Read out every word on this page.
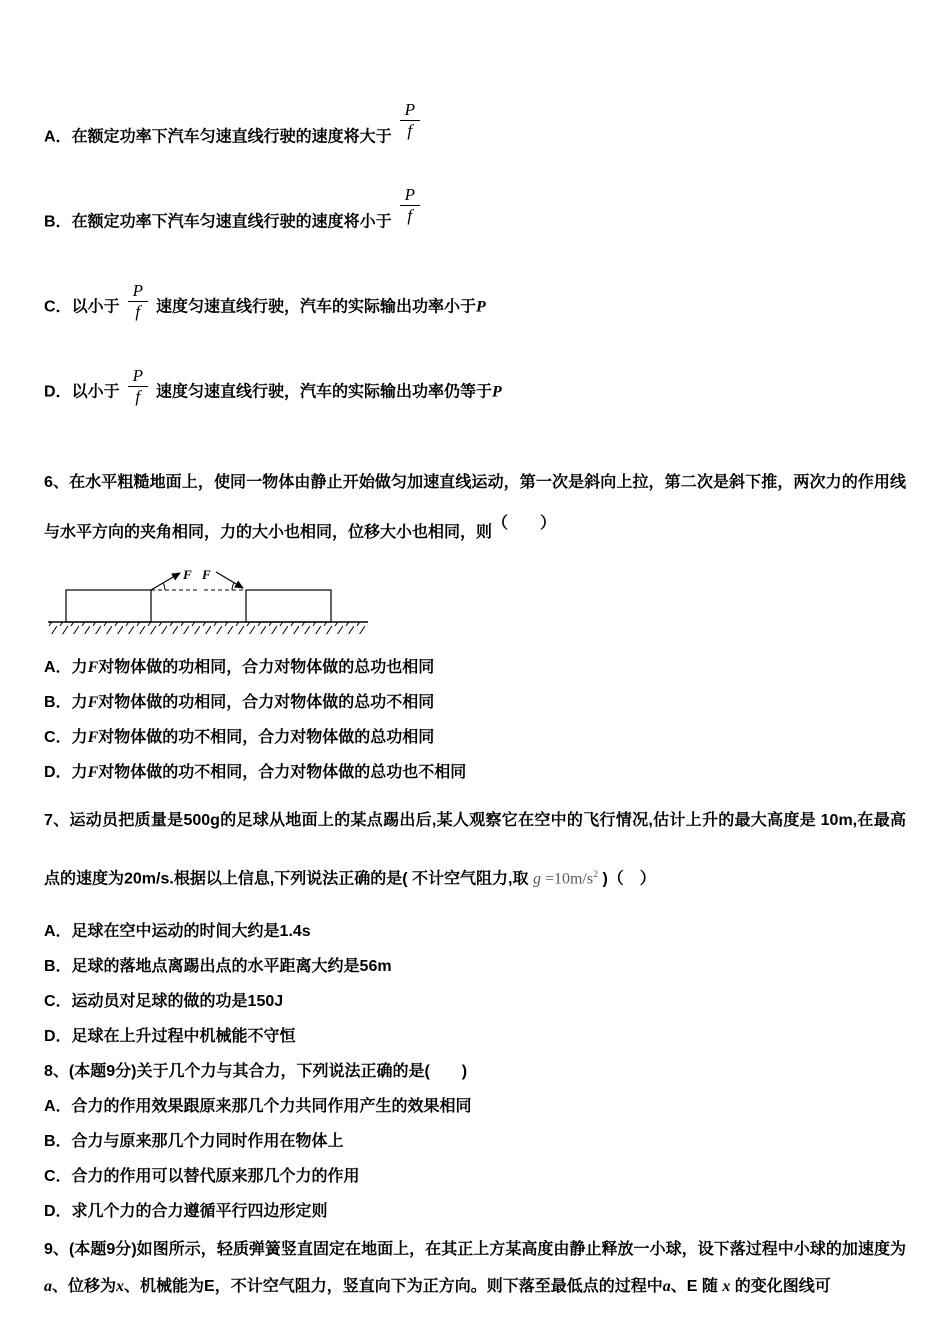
A．在额定功率下汽车匀速直线行驶的速度将大于 $\frac{P}{f}$
B．在额定功率下汽车匀速直线行驶的速度将小于 $\frac{P}{f}$
C．以小于 $\frac{P}{f}$ 速度匀速直线行驶，汽车的实际输出功率小于P
D．以小于 $\frac{P}{f}$ 速度匀速直线行驶，汽车的实际输出功率仍等于P
6、在水平粗糙地面上，使同一物体由静止开始做匀加速直线运动，第一次是斜向上拉，第二次是斜下推，两次力的作用线与水平方向的夹角相同，力的大小也相同，位移大小也相同，则（　　）
F F
A．力F对物体做的功相同，合力对物体做的总功也相同
B．力F对物体做的功相同，合力对物体做的总功不相同
C．力F对物体做的功不相同，合力对物体做的总功相同
D．力F对物体做的功不相同，合力对物体做的总功也不相同
7、运动员把质量是500g的足球从地面上的某点踢出后,某人观察它在空中的飞行情况,估计上升的最大高度是 10m,在最高点的速度为20m/s.根据以上信息,下列说法正确的是( 不计空气阻力,取 $g =10m/s^2$ )（　）
A．足球在空中运动的时间大约是1.4s
B．足球的落地点离踢出点的水平距离大约是56m
C．运动员对足球的做的功是150J
D．足球在上升过程中机械能不守恒
8、(本题9分)关于几个力与其合力，下列说法正确的是(　　)
A．合力的作用效果跟原来那几个力共同作用产生的效果相同
B．合力与原来那几个力同时作用在物体上
C．合力的作用可以替代原来那几个力的作用
D．求几个力的合力遵循平行四边形定则
9、(本题9分)如图所示，轻质弹簧竖直固定在地面上，在其正上方某高度由静止释放一小球，设下落过程中小球的加速度为a、位移为x、机械能为E，不计空气阻力，竖直向下为正方向。则下落至最低点的过程中a、E 随 x 的变化图线可
